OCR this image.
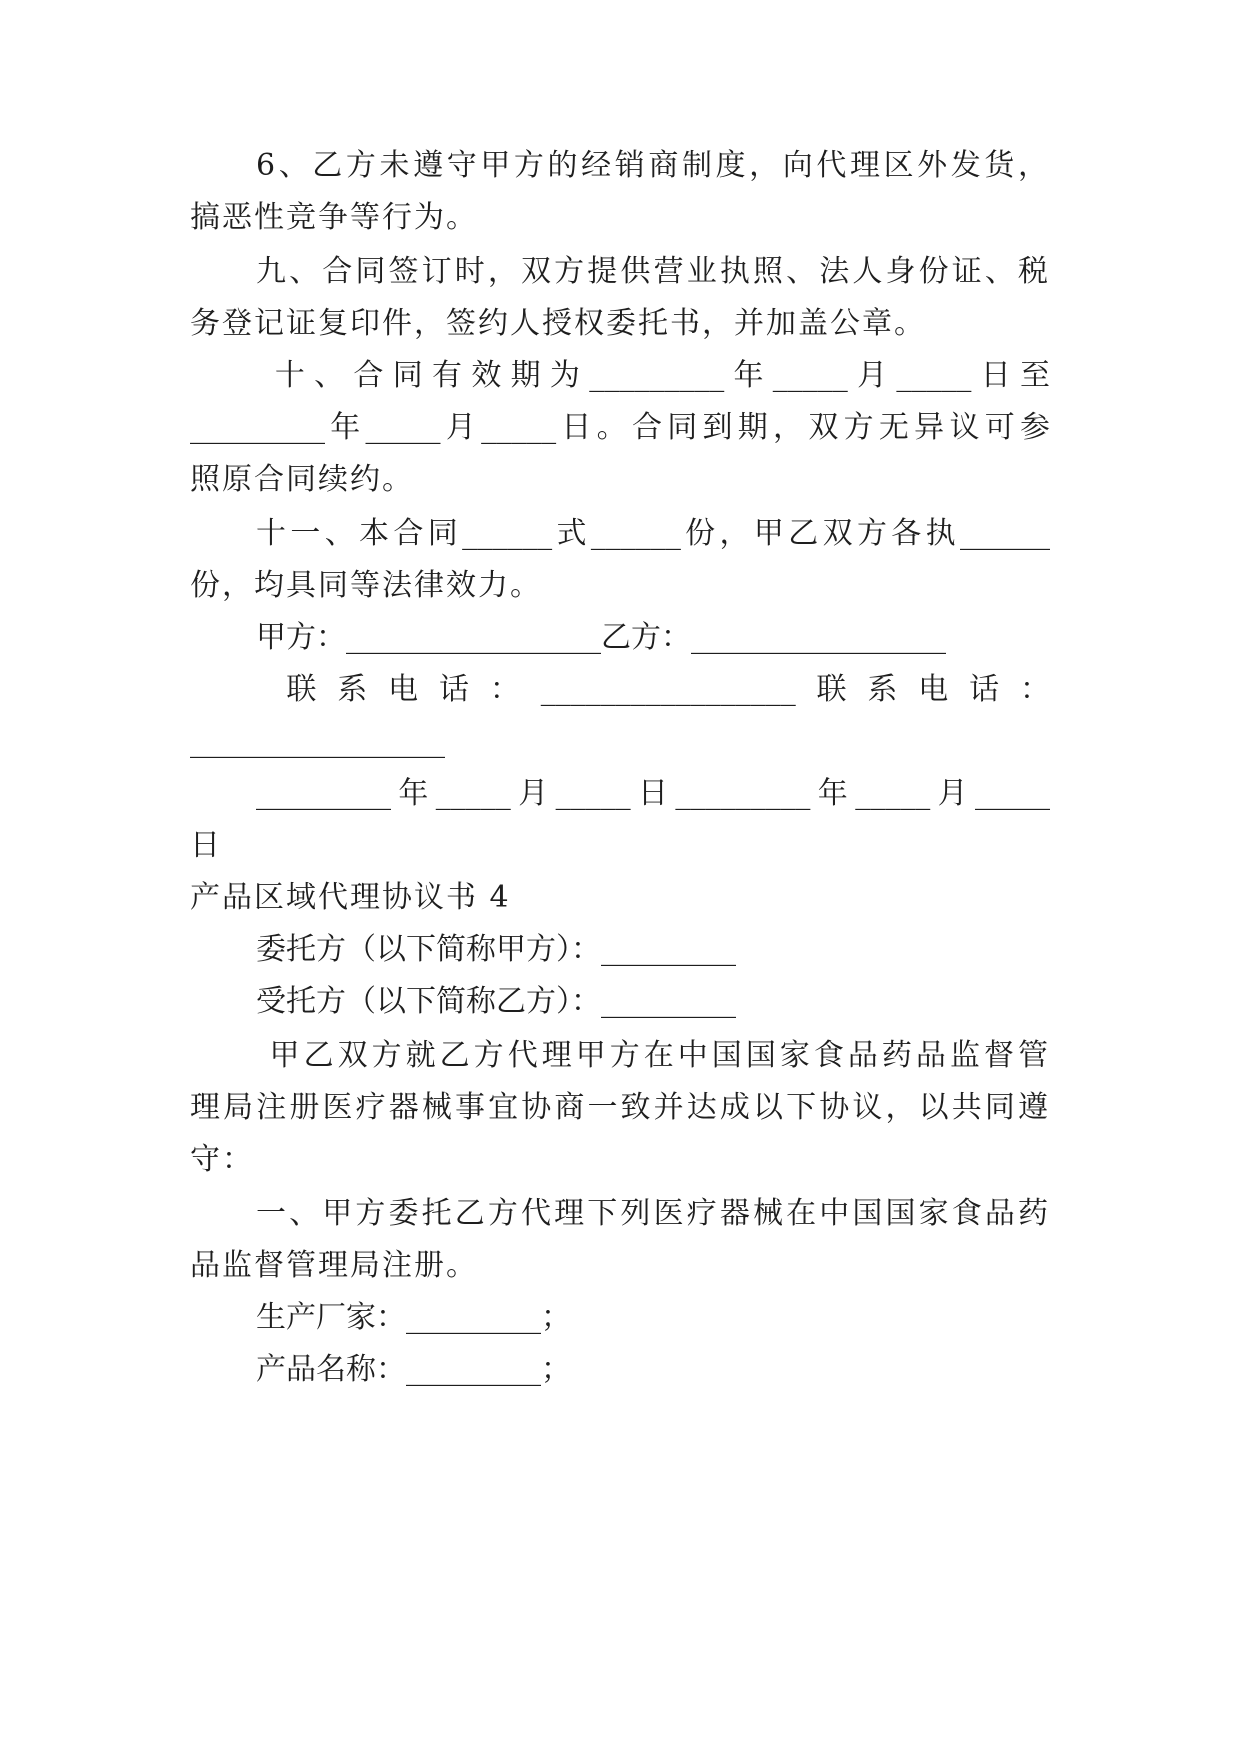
6、乙方未遵守甲方的经销商制度，向代理区外发货，
搞恶性竞争等行为。
九、合同签订时，双方提供营业执照、法人身份证、税
务登记证复印件，签约人授权委托书，并加盖公章。
十、合同有效期为_________年_____月_____日至
_________年_____月_____日。合同到期，双方无异议可参
照原合同续约。
十一、本合同______式______份，甲乙双方各执______
份，均具同等法律效力。
甲方：_________________乙方：_________________
联系电话：_________________联系电话：
_________________
_________年_____月_____日_________年_____月_____
日
产品区域代理协议书 4
委托方（以下简称甲方）：_________
受托方（以下简称乙方）：_________
甲乙双方就乙方代理甲方在中国国家食品药品监督管
理局注册医疗器械事宜协商一致并达成以下协议，以共同遵
守：
一、甲方委托乙方代理下列医疗器械在中国国家食品药
品监督管理局注册。
生产厂家：_________；
产品名称：_________；
